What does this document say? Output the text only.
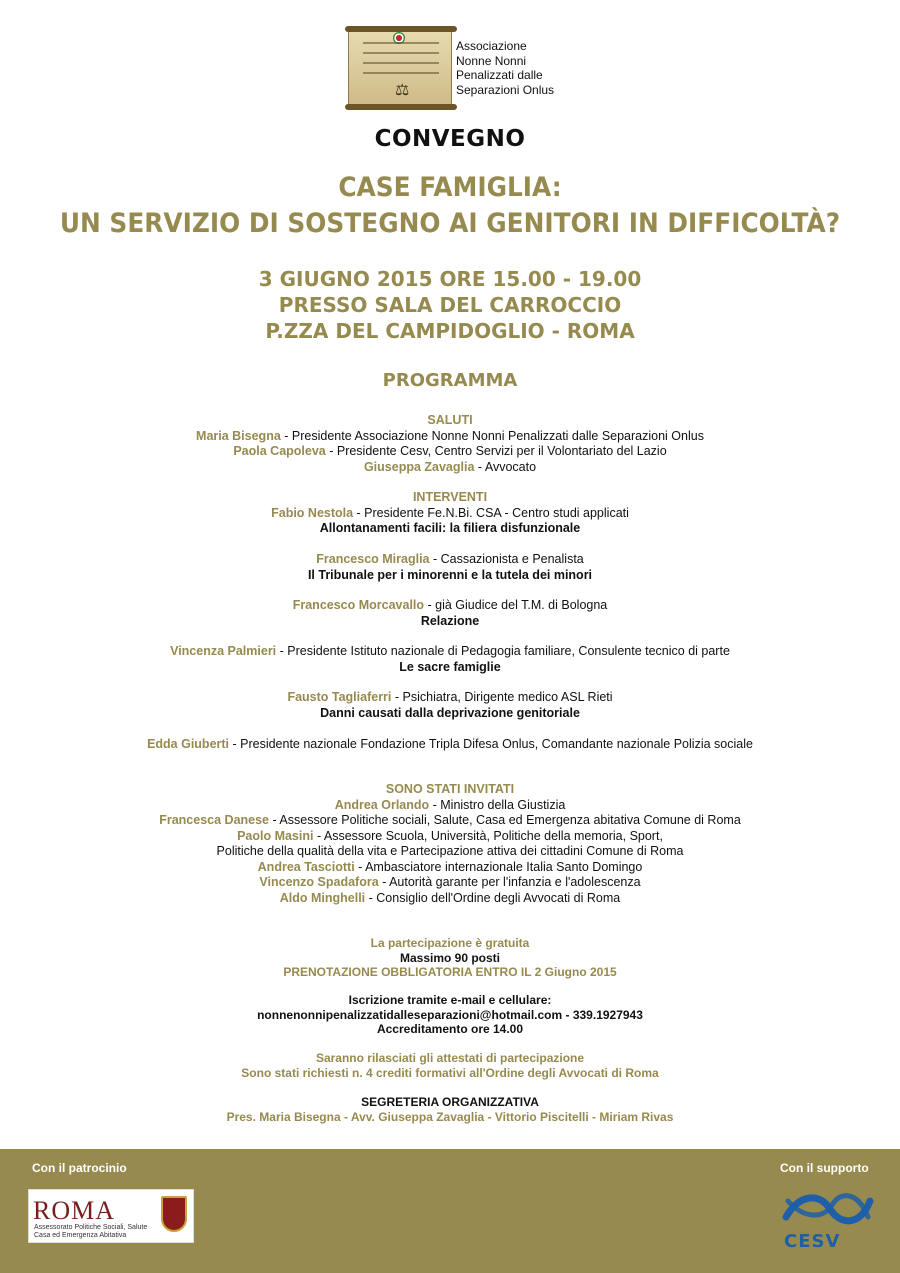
⚖
Associazione
Nonne Nonni
Penalizzati dalle
Separazioni Onlus
CONVEGNO
CASE FAMIGLIA:
UN SERVIZIO DI SOSTEGNO AI GENITORI IN DIFFICOLTÀ?
3 GIUGNO 2015 ORE 15.00 - 19.00
PRESSO SALA DEL CARROCCIO
P.ZZA DEL CAMPIDOGLIO - ROMA
PROGRAMMA

SALUTI

Maria Bisegna - Presidente Associazione Nonne Nonni Penalizzati dalle Separazioni Onlus

Paola Capoleva - Presidente Cesv, Centro Servizi per il Volontariato del Lazio

Giuseppa Zavaglia - Avvocato

INTERVENTI

Fabio Nestola - Presidente Fe.N.Bi. CSA - Centro studi applicati

Allontanamenti facili: la filiera disfunzionale

Francesco Miraglia - Cassazionista e Penalista

Il Tribunale per i minorenni e la tutela dei minori

Francesco Morcavallo - già Giudice del T.M. di Bologna

Relazione

Vincenza Palmieri - Presidente Istituto nazionale di Pedagogia familiare, Consulente tecnico di parte

Le sacre famiglie

Fausto Tagliaferri - Psichiatra, Dirigente medico ASL Rieti

Danni causati dalla deprivazione genitoriale

Edda Giuberti - Presidente nazionale Fondazione Tripla Difesa Onlus, Comandante nazionale Polizia sociale

SONO STATI INVITATI

Andrea Orlando - Ministro della Giustizia

Francesca Danese - Assessore Politiche sociali, Salute, Casa ed Emergenza abitativa Comune di Roma

Paolo Masini - Assessore Scuola, Università, Politiche della memoria, Sport,

Politiche della qualità della vita e Partecipazione attiva dei cittadini Comune di Roma

Andrea Tasciotti - Ambasciatore internazionale Italia Santo Domingo

Vincenzo Spadafora - Autorità garante per l'infanzia e l'adolescenza

Aldo Minghelli - Consiglio dell'Ordine degli Avvocati di Roma

La partecipazione è gratuita

Massimo 90 posti

PRENOTAZIONE OBBLIGATORIA ENTRO IL 2 Giugno 2015

Iscrizione tramite e-mail e cellulare:

nonnenonnipenalizzatidalleseparazioni@hotmail.com - 339.1927943

Accreditamento ore 14.00

Saranno rilasciati gli attestati di partecipazione

Sono stati richiesti n. 4 crediti formativi all'Ordine degli Avvocati di Roma

SEGRETERIA ORGANIZZATIVA

Pres. Maria Bisegna - Avv. Giuseppa Zavaglia - Vittorio Piscitelli - Miriam Rivas

Con il patrocinio	Con il supporto
ROMA
Assessorato Politiche Sociali, Salute
Casa ed Emergenza Abitativa	CESV
